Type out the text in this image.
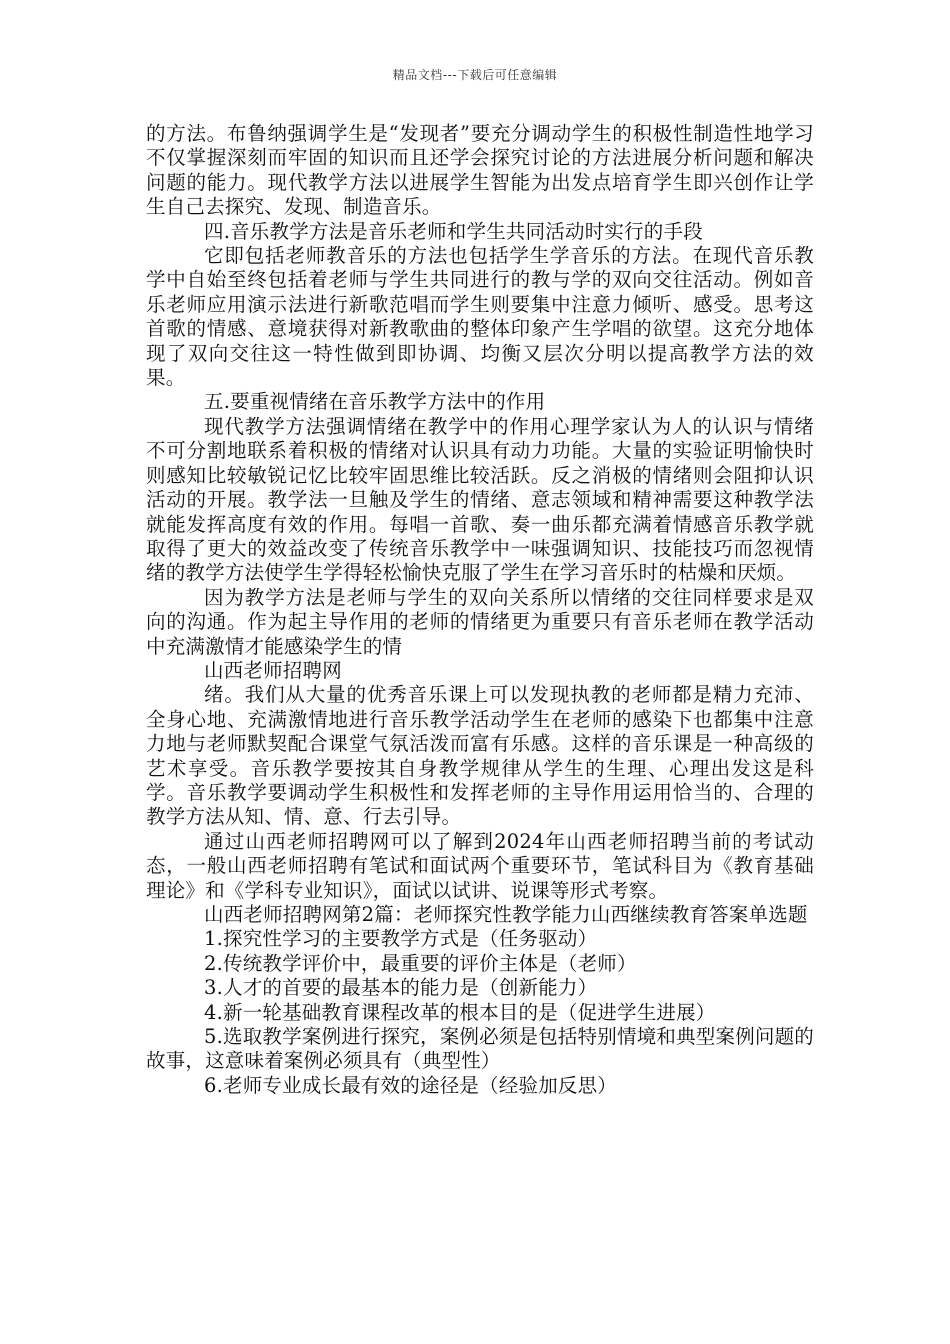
精品文档---下载后可任意编辑

的方法。布鲁纳强调学生是“发现者”要充分调动学生的积极性制造性地学习不仅掌握深刻而牢固的知识而且还学会探究讨论的方法进展分析问题和解决问题的能力。现代教学方法以进展学生智能为出发点培育学生即兴创作让学生自己去探究、发现、制造音乐。

四.音乐教学方法是音乐老师和学生共同活动时实行的手段

它即包括老师教音乐的方法也包括学生学音乐的方法。在现代音乐教学中自始至终包括着老师与学生共同进行的教与学的双向交往活动。例如音乐老师应用演示法进行新歌范唱而学生则要集中注意力倾听、感受。思考这首歌的情感、意境获得对新教歌曲的整体印象产生学唱的欲望。这充分地体现了双向交往这一特性做到即协调、均衡又层次分明以提高教学方法的效果。

五.要重视情绪在音乐教学方法中的作用

现代教学方法强调情绪在教学中的作用心理学家认为人的认识与情绪不可分割地联系着积极的情绪对认识具有动力功能。大量的实验证明愉快时则感知比较敏锐记忆比较牢固思维比较活跃。反之消极的情绪则会阻抑认识活动的开展。教学法一旦触及学生的情绪、意志领域和精神需要这种教学法就能发挥高度有效的作用。每唱一首歌、奏一曲乐都充满着情感音乐教学就取得了更大的效益改变了传统音乐教学中一味强调知识、技能技巧而忽视情绪的教学方法使学生学得轻松愉快克服了学生在学习音乐时的枯燥和厌烦。

因为教学方法是老师与学生的双向关系所以情绪的交往同样要求是双向的沟通。作为起主导作用的老师的情绪更为重要只有音乐老师在教学活动中充满激情才能感染学生的情

山西老师招聘网

绪。我们从大量的优秀音乐课上可以发现执教的老师都是精力充沛、全身心地、充满激情地进行音乐教学活动学生在老师的感染下也都集中注意力地与老师默契配合课堂气氛活泼而富有乐感。这样的音乐课是一种高级的艺术享受。音乐教学要按其自身教学规律从学生的生理、心理出发这是科学。音乐教学要调动学生积极性和发挥老师的主导作用运用恰当的、合理的教学方法从知、情、意、行去引导。

通过山西老师招聘网可以了解到2024年山西老师招聘当前的考试动态，一般山西老师招聘有笔试和面试两个重要环节，笔试科目为《教育基础理论》和《学科专业知识》，面试以试讲、说课等形式考察。

山西老师招聘网第2篇：老师探究性教学能力山西继续教育答案单选题

1.探究性学习的主要教学方式是（任务驱动）

2.传统教学评价中，最重要的评价主体是（老师）

3.人才的首要的最基本的能力是（创新能力）

4.新一轮基础教育课程改革的根本目的是（促进学生进展）

5.选取教学案例进行探究，案例必须是包括特别情境和典型案例问题的故事，这意味着案例必须具有（典型性）

6.老师专业成长最有效的途径是（经验加反思）
